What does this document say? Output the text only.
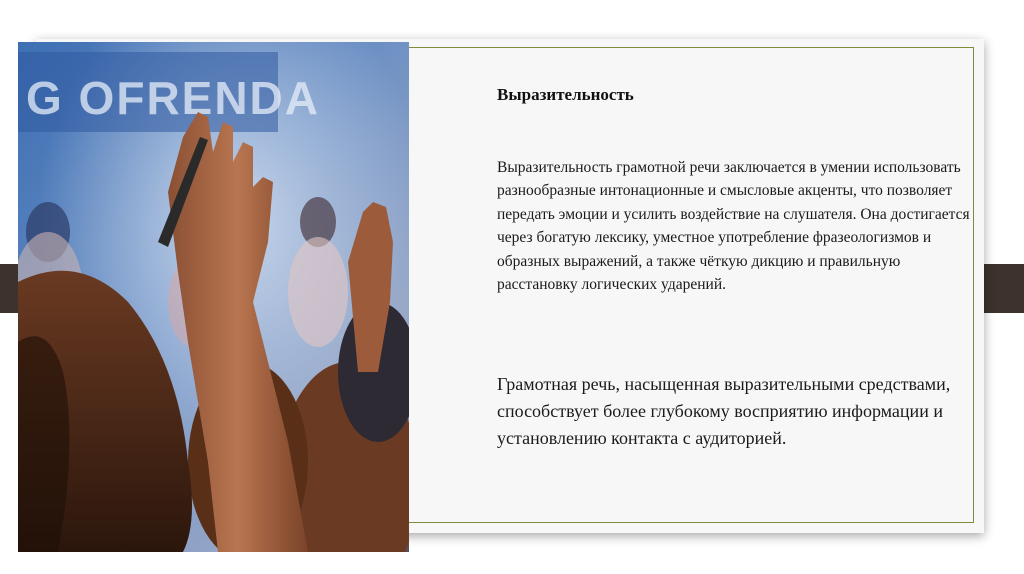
G OFRENDA	Выразительность

Выразительность грамотной речи заключается в умении использовать разнообразные интонационные и смысловые акценты, что позволяет передать эмоции и усилить воздействие на слушателя. Она достигается через богатую лексику, уместное употребление фразеологизмов и образных выражений, а также чёткую дикцию и правильную расстановку логических ударений.

Грамотная речь, насыщенная выразительными средствами, способствует более глубокому восприятию информации и установлению контакта с аудиторией.
